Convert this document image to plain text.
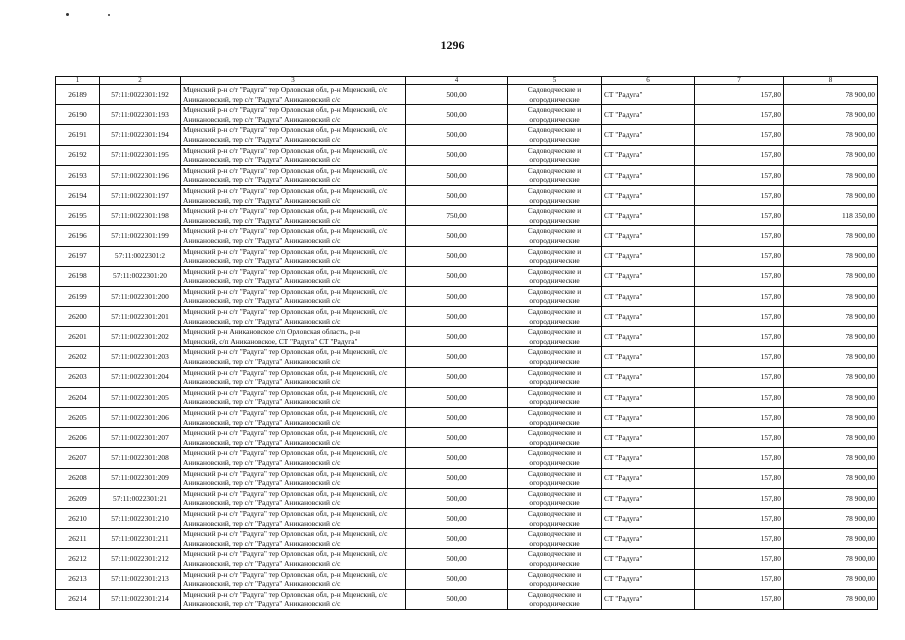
1296
1	2	3	4	5	6	7	8
26189	57:11:0022301:192	Мценский р-н с/т "Радуга" тер Орловская обл, р-н Мценский, с/с
Аникановский, тер с/т "Радуга" Аникановский с/с	500,00	Садоводческие и
огороднические	СТ "Радуга"	157,80	78 900,00
26190	57:11:0022301:193	Мценский р-н с/т "Радуга" тер Орловская обл, р-н Мценский, с/с
Аникановский, тер с/т "Радуга" Аникановский с/с	500,00	Садоводческие и
огороднические	СТ "Радуга"	157,80	78 900,00
26191	57:11:0022301:194	Мценский р-н с/т "Радуга" тер Орловская обл, р-н Мценский, с/с
Аникановский, тер с/т "Радуга" Аникановский с/с	500,00	Садоводческие и
огороднические	СТ "Радуга"	157,80	78 900,00
26192	57:11:0022301:195	Мценский р-н с/т "Радуга" тер Орловская обл, р-н Мценский, с/с
Аникановский, тер с/т "Радуга" Аникановский с/с	500,00	Садоводческие и
огороднические	СТ "Радуга"	157,80	78 900,00
26193	57:11:0022301:196	Мценский р-н с/т "Радуга" тер Орловская обл, р-н Мценский, с/с
Аникановский, тер с/т "Радуга" Аникановский с/с	500,00	Садоводческие и
огороднические	СТ "Радуга"	157,80	78 900,00
26194	57:11:0022301:197	Мценский р-н с/т "Радуга" тер Орловская обл, р-н Мценский, с/с
Аникановский, тер с/т "Радуга" Аникановский с/с	500,00	Садоводческие и
огороднические	СТ "Радуга"	157,80	78 900,00
26195	57:11:0022301:198	Мценский р-н с/т "Радуга" тер Орловская обл, р-н Мценский, с/с
Аникановский, тер с/т "Радуга" Аникановский с/с	750,00	Садоводческие и
огороднические	СТ "Радуга"	157,80	118 350,00
26196	57:11:0022301:199	Мценский р-н с/т "Радуга" тер Орловская обл, р-н Мценский, с/с
Аникановский, тер с/т "Радуга" Аникановский с/с	500,00	Садоводческие и
огороднические	СТ "Радуга"	157,80	78 900,00
26197	57:11:0022301:2	Мценский р-н с/т "Радуга" тер Орловская обл, р-н Мценский, с/с
Аникановский, тер с/т "Радуга" Аникановский с/с	500,00	Садоводческие и
огороднические	СТ "Радуга"	157,80	78 900,00
26198	57:11:0022301:20	Мценский р-н с/т "Радуга" тер Орловская обл, р-н Мценский, с/с
Аникановский, тер с/т "Радуга" Аникановский с/с	500,00	Садоводческие и
огороднические	СТ "Радуга"	157,80	78 900,00
26199	57:11:0022301:200	Мценский р-н с/т "Радуга" тер Орловская обл, р-н Мценский, с/с
Аникановский, тер с/т "Радуга" Аникановский с/с	500,00	Садоводческие и
огороднические	СТ "Радуга"	157,80	78 900,00
26200	57:11:0022301:201	Мценский р-н с/т "Радуга" тер Орловская обл, р-н Мценский, с/с
Аникановский, тер с/т "Радуга" Аникановский с/с	500,00	Садоводческие и
огороднические	СТ "Радуга"	157,80	78 900,00
26201	57:11:0022301:202	Мценский р-н Аникановское с/п Орловская область, р-н
Мценский, с/п Аникановское, СТ "Радуга" СТ "Радуга"	500,00	Садоводческие и
огороднические	СТ "Радуга"	157,80	78 900,00
26202	57:11:0022301:203	Мценский р-н с/т "Радуга" тер Орловская обл, р-н Мценский, с/с
Аникановский, тер с/т "Радуга" Аникановский с/с	500,00	Садоводческие и
огороднические	СТ "Радуга"	157,80	78 900,00
26203	57:11:0022301:204	Мценский р-н с/т "Радуга" тер Орловская обл, р-н Мценский, с/с
Аникановский, тер с/т "Радуга" Аникановский с/с	500,00	Садоводческие и
огороднические	СТ "Радуга"	157,80	78 900,00
26204	57:11:0022301:205	Мценский р-н с/т "Радуга" тер Орловская обл, р-н Мценский, с/с
Аникановский, тер с/т "Радуга" Аникановский с/с	500,00	Садоводческие и
огороднические	СТ "Радуга"	157,80	78 900,00
26205	57:11:0022301:206	Мценский р-н с/т "Радуга" тер Орловская обл, р-н Мценский, с/с
Аникановский, тер с/т "Радуга" Аникановский с/с	500,00	Садоводческие и
огороднические	СТ "Радуга"	157,80	78 900,00
26206	57:11:0022301:207	Мценский р-н с/т "Радуга" тер Орловская обл, р-н Мценский, с/с
Аникановский, тер с/т "Радуга" Аникановский с/с	500,00	Садоводческие и
огороднические	СТ "Радуга"	157,80	78 900,00
26207	57:11:0022301:208	Мценский р-н с/т "Радуга" тер Орловская обл, р-н Мценский, с/с
Аникановский, тер с/т "Радуга" Аникановский с/с	500,00	Садоводческие и
огороднические	СТ "Радуга"	157,80	78 900,00
26208	57:11:0022301:209	Мценский р-н с/т "Радуга" тер Орловская обл, р-н Мценский, с/с
Аникановский, тер с/т "Радуга" Аникановский с/с	500,00	Садоводческие и
огороднические	СТ "Радуга"	157,80	78 900,00
26209	57:11:0022301:21	Мценский р-н с/т "Радуга" тер Орловская обл, р-н Мценский, с/с
Аникановский, тер с/т "Радуга" Аникановский с/с	500,00	Садоводческие и
огороднические	СТ "Радуга"	157,80	78 900,00
26210	57:11:0022301:210	Мценский р-н с/т "Радуга" тер Орловская обл, р-н Мценский, с/с
Аникановский, тер с/т "Радуга" Аникановский с/с	500,00	Садоводческие и
огороднические	СТ "Радуга"	157,80	78 900,00
26211	57:11:0022301:211	Мценский р-н с/т "Радуга" тер Орловская обл, р-н Мценский, с/с
Аникановский, тер с/т "Радуга" Аникановский с/с	500,00	Садоводческие и
огороднические	СТ "Радуга"	157,80	78 900,00
26212	57:11:0022301:212	Мценский р-н с/т "Радуга" тер Орловская обл, р-н Мценский, с/с
Аникановский, тер с/т "Радуга" Аникановский с/с	500,00	Садоводческие и
огороднические	СТ "Радуга"	157,80	78 900,00
26213	57:11:0022301:213	Мценский р-н с/т "Радуга" тер Орловская обл, р-н Мценский, с/с
Аникановский, тер с/т "Радуга" Аникановский с/с	500,00	Садоводческие и
огороднические	СТ "Радуга"	157,80	78 900,00
26214	57:11:0022301:214	Мценский р-н с/т "Радуга" тер Орловская обл, р-н Мценский, с/с
Аникановский, тер с/т "Радуга" Аникановский с/с	500,00	Садоводческие и
огороднические	СТ "Радуга"	157,80	78 900,00
